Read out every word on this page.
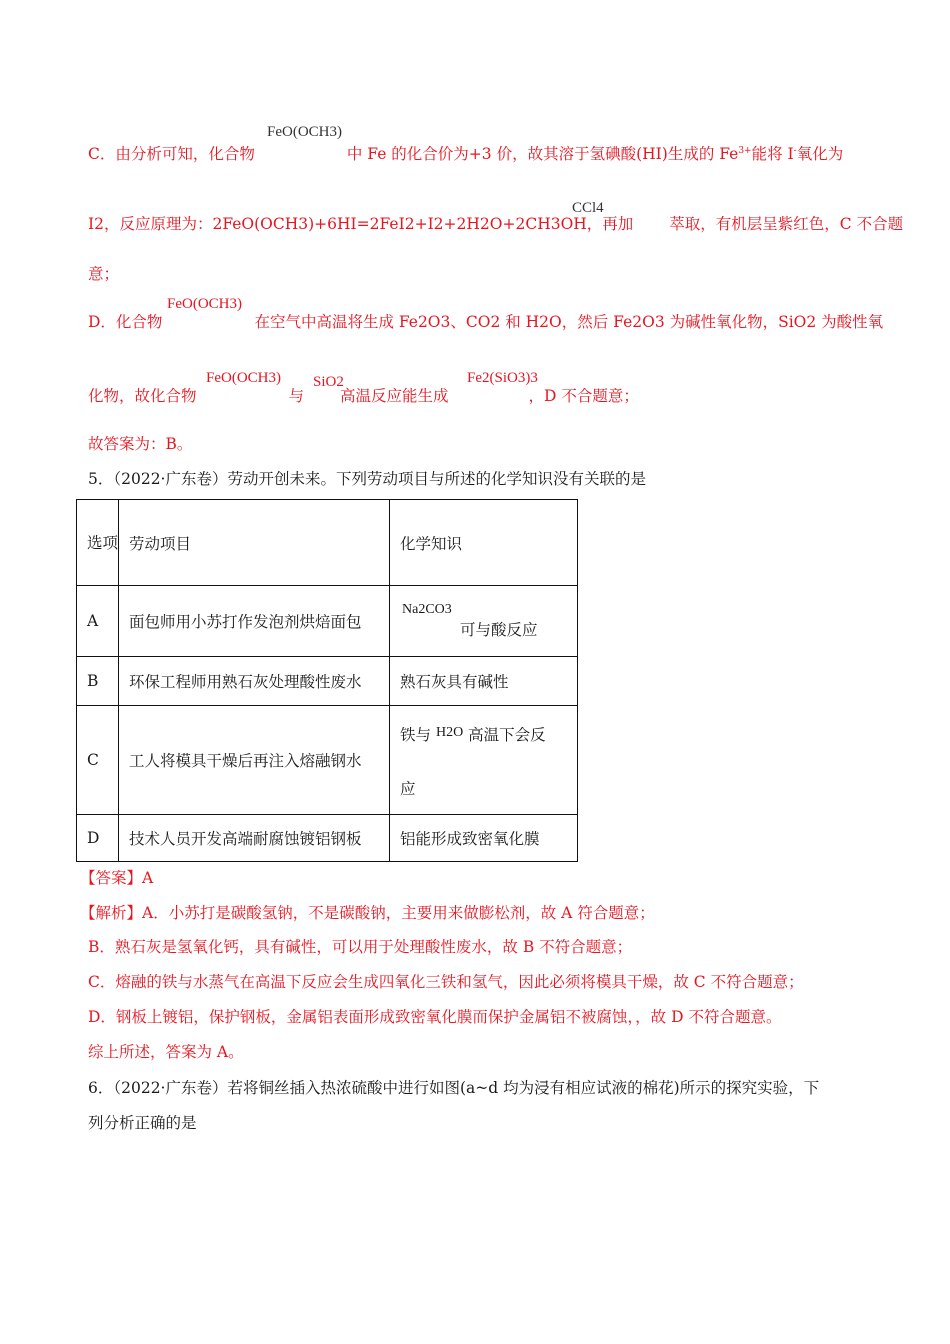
C．由分析可知，化合物	中 Fe 的化合价为+3 价，故其溶于氢碘酸(HI)生成的 $Fe^{3+}$能将 I-氧化为
FeO(OCH3)
I2，反应原理为：2FeO(OCH3)+6HI=2FeI2+I2+2H2O+2CH3OH，再加 萃取，有机层呈紫红色，C 不合题
CCl4
意；
D．化合物	在空气中高温将生成 Fe2O3、CO2 和 H2O，然后 Fe2O3 为碱性氧化物，SiO2 为酸性氧
FeO(OCH3)
化物，故化合物	与 高温反应能生成	，D 不合题意；
FeO(OCH3) SiO2	Fe2(SiO3)3
故答案为：B。
5．（2022·广东卷）劳动开创未来。下列劳动项目与所述的化学知识没有关联的是
选项	劳动项目	化学知识
A	面包师用小苏打作发泡剂烘焙面包	Na2CO3
可与酸反应

B	环保工程师用熟石灰处理酸性废水	熟石灰具有碱性
C	工人将模具干燥后再注入熔融钢水	铁与 H2O 高温下会反
应

D	技术人员开发高端耐腐蚀镀铝钢板	铝能形成致密氧化膜
【答案】A
【解析】A．小苏打是碳酸氢钠，不是碳酸钠，主要用来做膨松剂，故 A 符合题意；
B．熟石灰是氢氧化钙，具有碱性，可以用于处理酸性废水，故 B 不符合题意；
C．熔融的铁与水蒸气在高温下反应会生成四氧化三铁和氢气，因此必须将模具干燥，故 C 不符合题意；
D．钢板上镀铝，保护钢板，金属铝表面形成致密氧化膜而保护金属铝不被腐蚀，，故 D 不符合题意。
综上所述，答案为 A。
6．（2022·广东卷）若将铜丝插入热浓硫酸中进行如图(a~d 均为浸有相应试液的棉花)所示的探究实验，下
列分析正确的是
